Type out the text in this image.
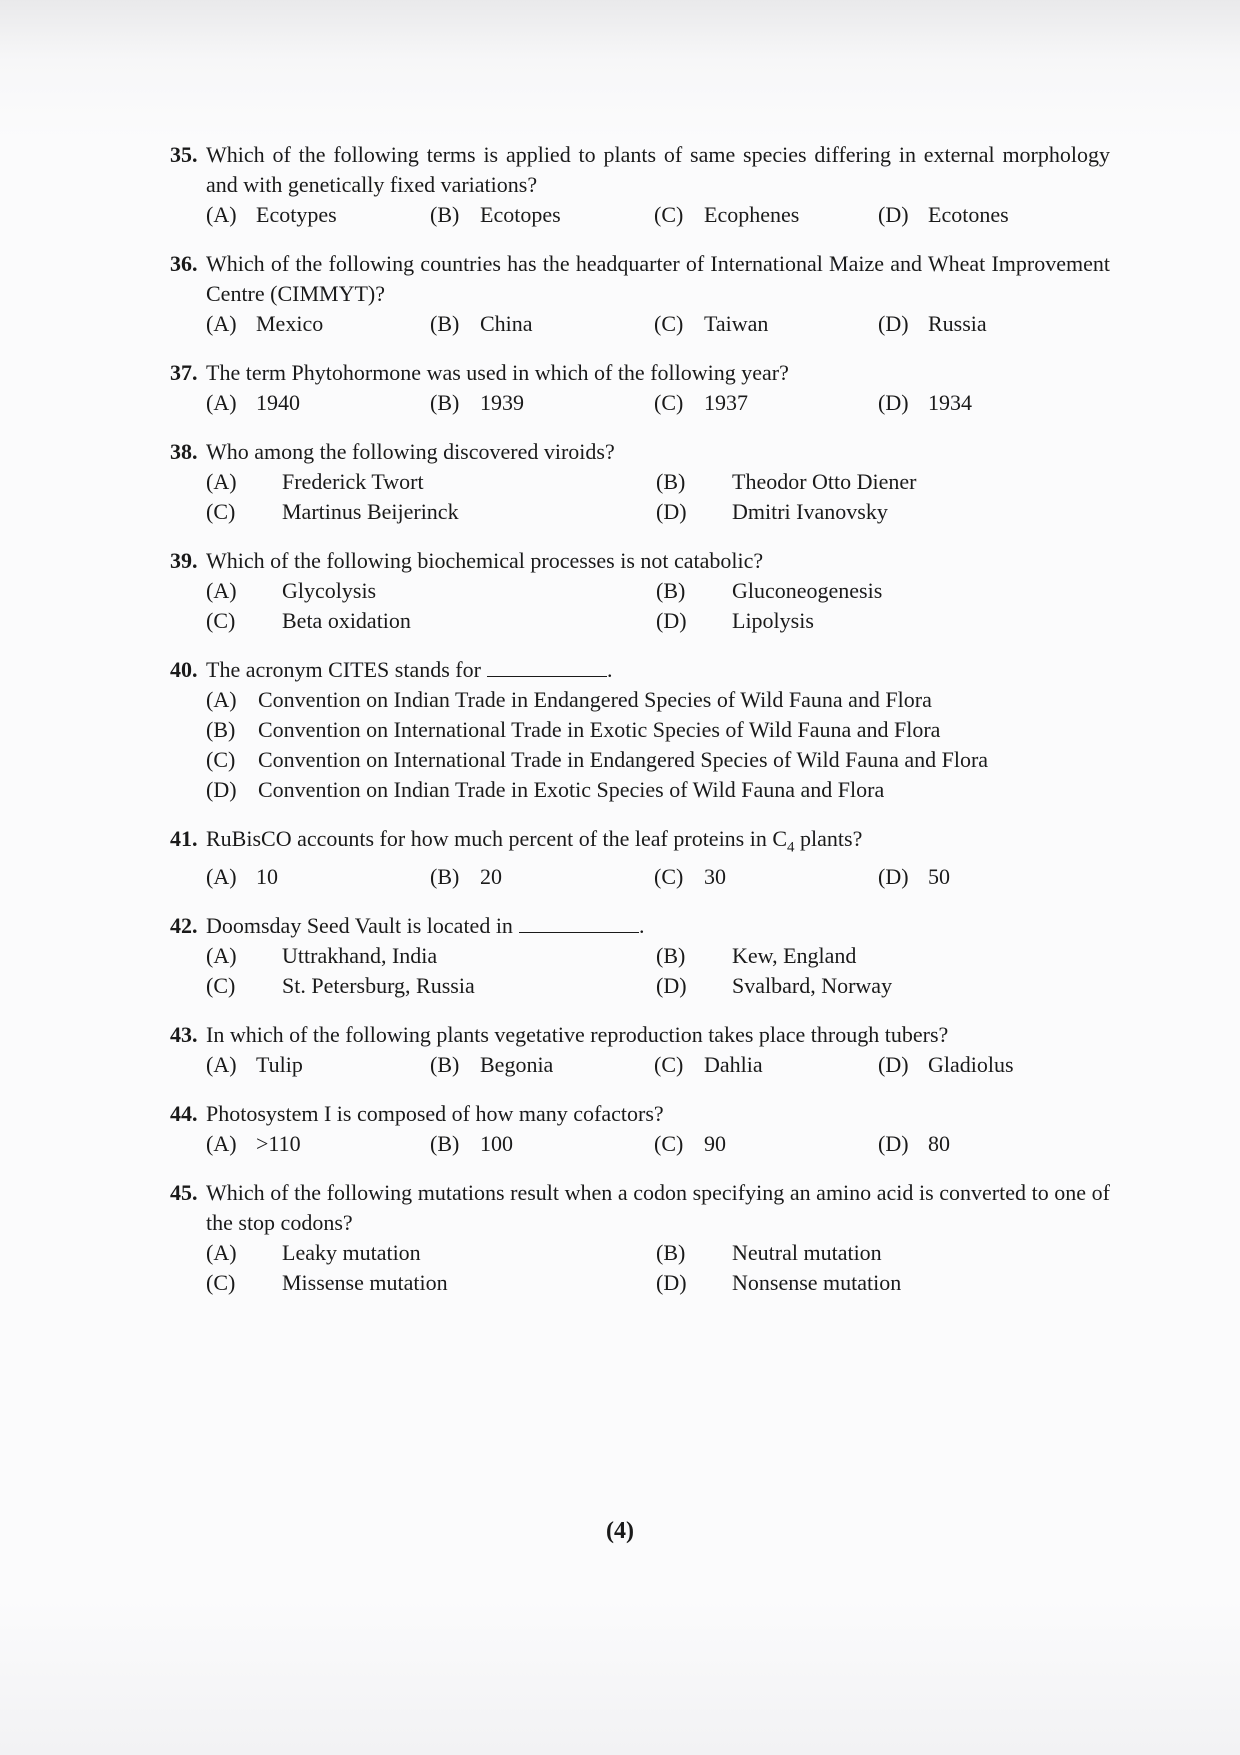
35. Which of the following terms is applied to plants of same species differing in external morphology and with genetically fixed variations?
(A) Ecotypes	(B) Ecotopes	(C) Ecophenes	(D) Ecotones
36. Which of the following countries has the headquarter of International Maize and Wheat Improvement Centre (CIMMYT)?
(A) Mexico	(B) China	(C) Taiwan	(D) Russia
37. The term Phytohormone was used in which of the following year?
(A) 1940	(B) 1939	(C) 1937	(D) 1934
38. Who among the following discovered viroids?
(A)	Frederick Twort	(B)	Theodor Otto Diener
(C)	Martinus Beijerinck	(D)	Dmitri Ivanovsky
39. Which of the following biochemical processes is not catabolic?
(A)	Glycolysis	(B)	Gluconeogenesis
(C)	Beta oxidation	(D)	Lipolysis
40. The acronym CITES stands for	.
(A) Convention on Indian Trade in Endangered Species of Wild Fauna and Flora
(B)	Convention on International Trade in Exotic Species of Wild Fauna and Flora
(C)	Convention on International Trade in Endangered Species of Wild Fauna and Flora
(D) Convention on Indian Trade in Exotic Species of Wild Fauna and Flora
41. RuBisCO accounts for how much percent of the leaf proteins in $C_4$ plants?
(A) 10	(B) 20	(C) 30	(D) 50
42. Doomsday Seed Vault is located in	.
(A)	Uttrakhand, India	(B)	Kew, England
(C)	St. Petersburg, Russia	(D)	Svalbard, Norway
43. In which of the following plants vegetative reproduction takes place through tubers?
(A) Tulip	(B) Begonia	(C) Dahlia	(D) Gladiolus
44. Photosystem I is composed of how many cofactors?
(A) >110	(B) 100	(C) 90	(D) 80
45. Which of the following mutations result when a codon specifying an amino acid is converted to one of the stop codons?
(A)	Leaky mutation	(B)	Neutral mutation
(C)	Missense mutation	(D)	Nonsense mutation
(4)
